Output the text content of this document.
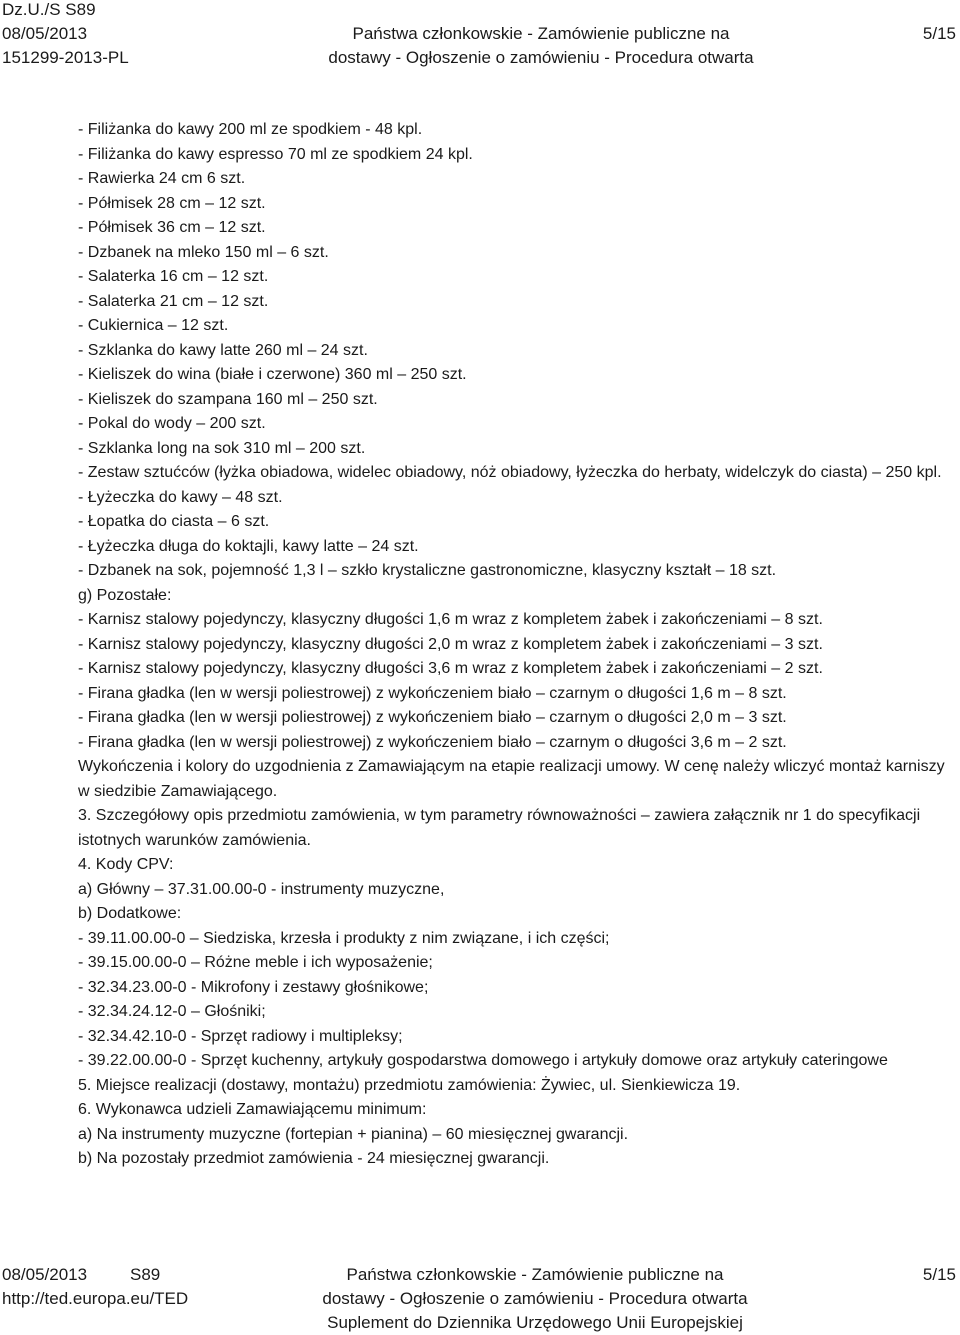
Dz.U./S S89
08/05/2013
151299-2013-PL
Państwa członkowskie - Zamówienie publiczne na
dostawy - Ogłoszenie o zamówieniu - Procedura otwarta
5/15

- Filiżanka do kawy 200 ml ze spodkiem - 48 kpl.

- Filiżanka do kawy espresso 70 ml ze spodkiem 24 kpl.

- Rawierka 24 cm 6 szt.

- Półmisek 28 cm – 12 szt.

- Półmisek 36 cm – 12 szt.

- Dzbanek na mleko 150 ml – 6 szt.

- Salaterka 16 cm – 12 szt.

- Salaterka 21 cm – 12 szt.

- Cukiernica – 12 szt.

- Szklanka do kawy latte 260 ml – 24 szt.

- Kieliszek do wina (białe i czerwone) 360 ml – 250 szt.

- Kieliszek do szampana 160 ml – 250 szt.

- Pokal do wody – 200 szt.

- Szklanka long na sok 310 ml – 200 szt.

- Zestaw sztućców (łyżka obiadowa, widelec obiadowy, nóż obiadowy, łyżeczka do herbaty, widelczyk do ciasta) – 250 kpl.

- Łyżeczka do kawy – 48 szt.

- Łopatka do ciasta – 6 szt.

- Łyżeczka długa do koktajli, kawy latte – 24 szt.

- Dzbanek na sok, pojemność 1,3 l – szkło krystaliczne gastronomiczne, klasyczny kształt – 18 szt.

g) Pozostałe:

- Karnisz stalowy pojedynczy, klasyczny długości 1,6 m wraz z kompletem żabek i zakończeniami – 8 szt.

- Karnisz stalowy pojedynczy, klasyczny długości 2,0 m wraz z kompletem żabek i zakończeniami – 3 szt.

- Karnisz stalowy pojedynczy, klasyczny długości 3,6 m wraz z kompletem żabek i zakończeniami – 2 szt.

- Firana gładka (len w wersji poliestrowej) z wykończeniem biało – czarnym o długości 1,6 m – 8 szt.

- Firana gładka (len w wersji poliestrowej) z wykończeniem biało – czarnym o długości 2,0 m – 3 szt.

- Firana gładka (len w wersji poliestrowej) z wykończeniem biało – czarnym o długości 3,6 m – 2 szt.

Wykończenia i kolory do uzgodnienia z Zamawiającym na etapie realizacji umowy. W cenę należy wliczyć montaż karniszy w siedzibie Zamawiającego.

3. Szczegółowy opis przedmiotu zamówienia, w tym parametry równoważności – zawiera załącznik nr 1 do specyfikacji istotnych warunków zamówienia.

4. Kody CPV:

a) Główny – 37.31.00.00-0 - instrumenty muzyczne,

b) Dodatkowe:

- 39.11.00.00-0 – Siedziska, krzesła i produkty z nim związane, i ich części;

- 39.15.00.00-0 – Różne meble i ich wyposażenie;

- 32.34.23.00-0 - Mikrofony i zestawy głośnikowe;

- 32.34.24.12-0 – Głośniki;

- 32.34.42.10-0 - Sprzęt radiowy i multipleksy;

- 39.22.00.00-0 - Sprzęt kuchenny, artykuły gospodarstwa domowego i artykuły domowe oraz artykuły cateringowe

5. Miejsce realizacji (dostawy, montażu) przedmiotu zamówienia: Żywiec, ul. Sienkiewicza 19.

6. Wykonawca udzieli Zamawiającemu minimum:

a) Na instrumenty muzyczne (fortepian + pianina) – 60 miesięcznej gwarancji.

b) Na pozostały przedmiot zamówienia - 24 miesięcznej gwarancji.

08/05/2013	S89
http://ted.europa.eu/TED
Państwa członkowskie - Zamówienie publiczne na
dostawy - Ogłoszenie o zamówieniu - Procedura otwarta
Suplement do Dziennika Urzędowego Unii Europejskiej
5/15
